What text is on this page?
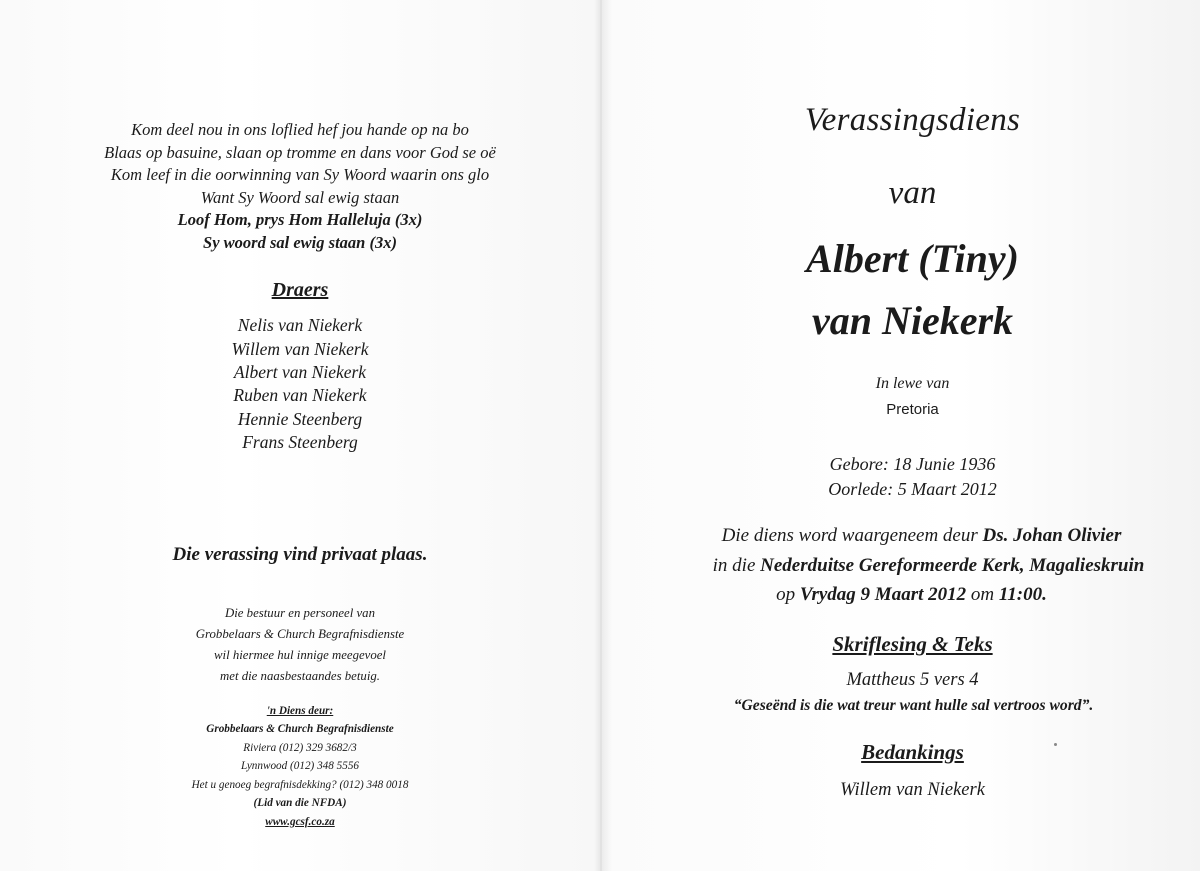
Kom deel nou in ons loflied hef jou hande op na bo
Blaas op basuine, slaan op tromme en dans voor God se oë
Kom leef in die oorwinning van Sy Woord waarin ons glo
Want Sy Woord sal ewig staan
Loof Hom, prys Hom Halleluja (3x)
Sy woord sal ewig staan (3x)
Draers
Nelis van Niekerk
Willem van Niekerk
Albert van Niekerk
Ruben van Niekerk
Hennie Steenberg
Frans Steenberg
Die verassing vind privaat plaas.
Die bestuur en personeel van
Grobbelaars & Church Begrafnisdienste
wil hiermee hul innige meegevoel
met die naasbestaandes betuig.
'n Diens deur:
Grobbelaars & Church Begrafnisdienste
Riviera (012) 329 3682/3
Lynnwood (012) 348 5556
Het u genoeg begrafnisdekking? (012) 348 0018
(Lid van die NFDA)
www.gcsf.co.za
Verassingsdiens
van
Albert (Tiny)
van Niekerk
In lewe van
Pretoria
Gebore: 18 Junie 1936
Oorlede: 5 Maart 2012
Die diens word waargeneem deur Ds. Johan Olivier
in die Nederduitse Gereformeerde Kerk, Magalieskruin
op Vrydag 9 Maart 2012 om 11:00.
Skriflesing & Teks
Mattheus 5 vers 4
“Geseënd is die wat treur want hulle sal vertroos word”.
Bedankings
Willem van Niekerk
